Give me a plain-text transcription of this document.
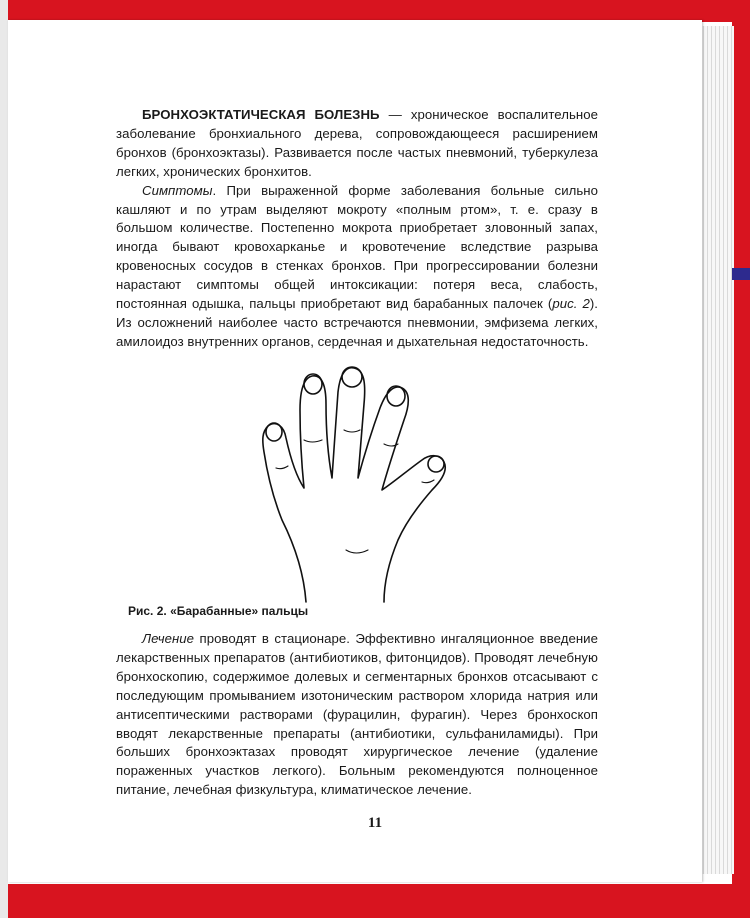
БРОНХОЭКТАТИЧЕСКАЯ БОЛЕЗНЬ — хроническое воспалительное заболевание бронхиального дерева, сопровождающееся расширением бронхов (бронхоэктазы). Развивается после частых пневмоний, туберкулеза легких, хронических бронхитов.

Симптомы. При выраженной форме заболевания больные сильно кашляют и по утрам выделяют мокроту «полным ртом», т. е. сразу в большом количестве. Постепенно мокрота приобретает зловонный запах, иногда бывают кровохарканье и кровотечение вследствие разрыва кровеносных сосудов в стенках бронхов. При прогрессировании болезни нарастают симптомы общей интоксикации: потеря веса, слабость, постоянная одышка, пальцы приобретают вид барабанных палочек (рис. 2). Из осложнений наиболее часто встречаются пневмонии, эмфизема легких, амилоидоз внутренних органов, сердечная и дыхательная недостаточность.

Рис. 2. «Барабанные» пальцы

Лечение проводят в стационаре. Эффективно ингаляционное введение лекарственных препаратов (антибиотиков, фитонцидов). Проводят лечебную бронхоскопию, содержимое долевых и сегментарных бронхов отсасывают с последующим промыванием изотоническим раствором хлорида натрия или антисептическими растворами (фурацилин, фурагин). Через бронхоскоп вводят лекарственные препараты (антибиотики, сульфаниламиды). При больших бронхоэктазах проводят хирургическое лечение (удаление пораженных участков легкого). Больным рекомендуются полноценное питание, лечебная физкультура, климатическое лечение.

11
